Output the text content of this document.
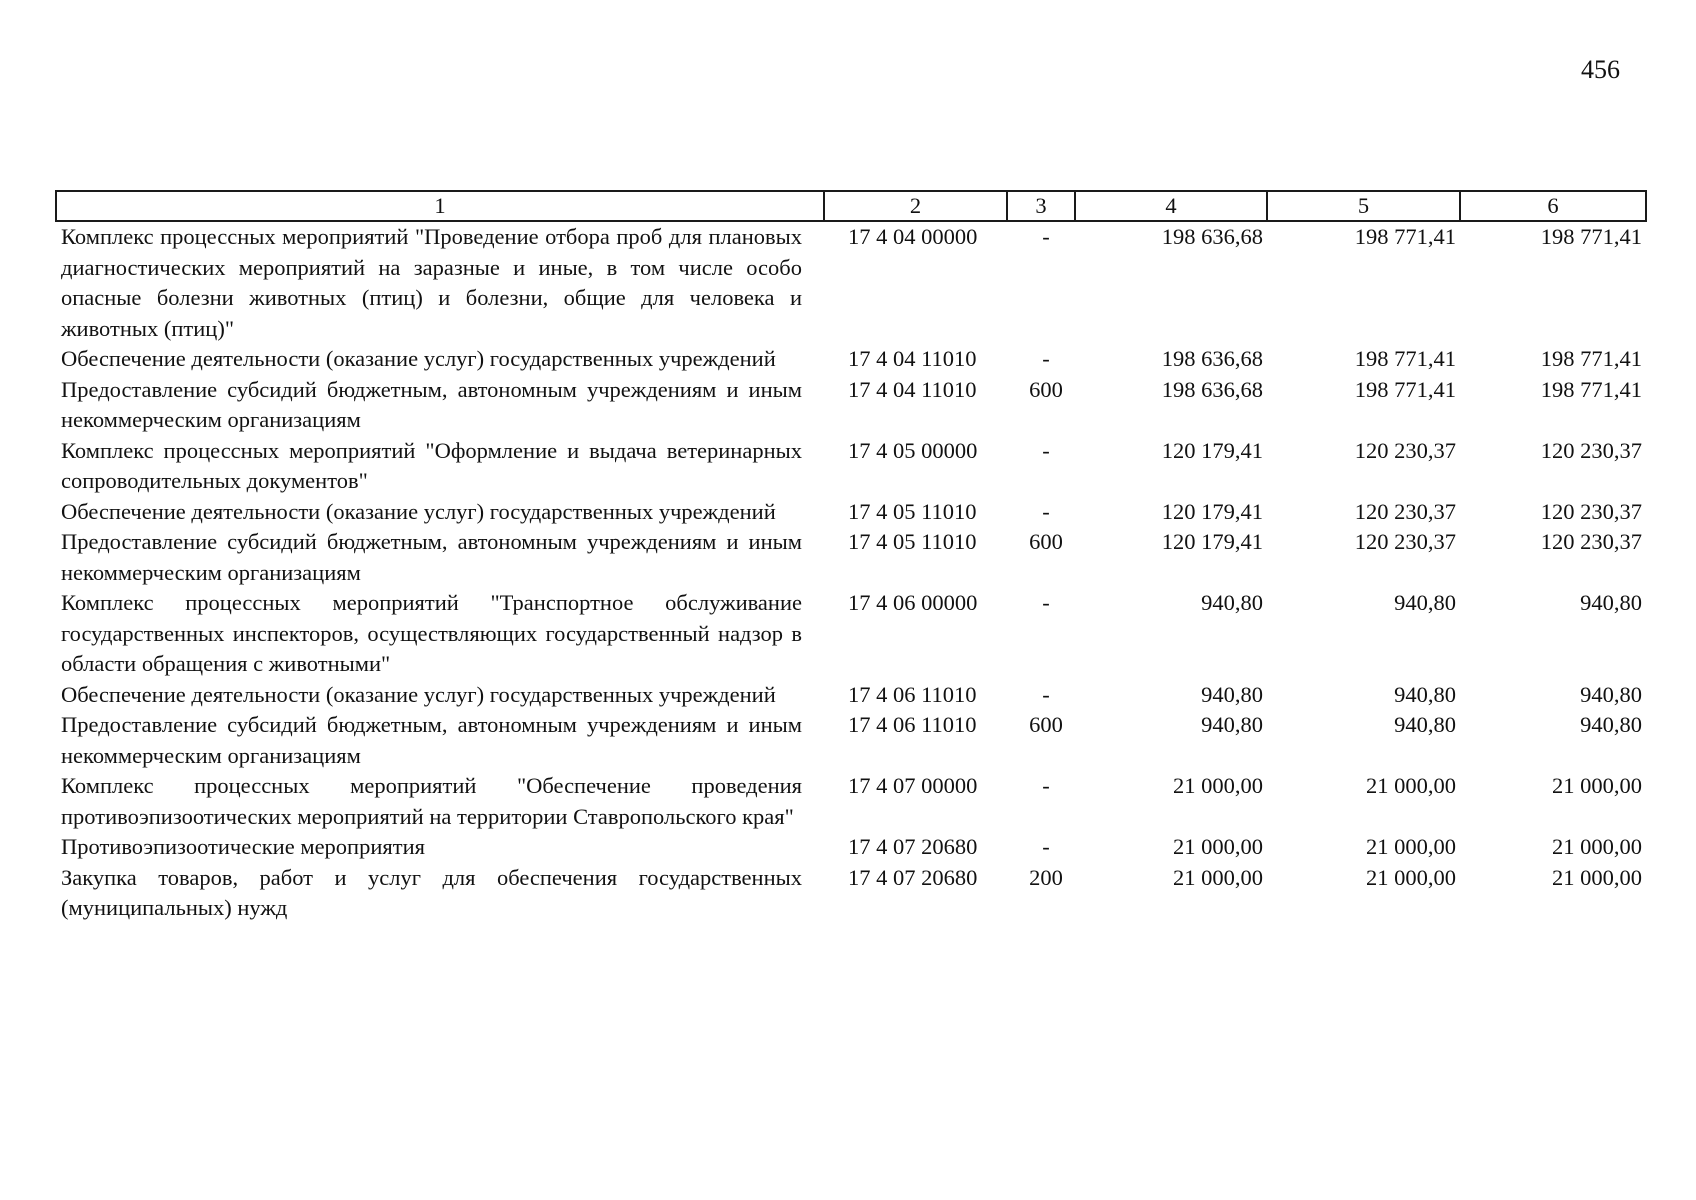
456
1	2	3	4	5	6
Комплекс процессных мероприятий "Проведение отбора проб для плановых диагностических мероприятий на заразные и иные, в том числе особо опасные болезни животных (птиц) и болезни, общие для человека и животных (птиц)"	17 4 04 00000	-	198 636,68	198 771,41	198 771,41
Обеспечение деятельности (оказание услуг) государственных учреждений	17 4 04 11010	-	198 636,68	198 771,41	198 771,41
Предоставление субсидий бюджетным, автономным учреждениям и иным некоммерческим организациям	17 4 04 11010	600	198 636,68	198 771,41	198 771,41
Комплекс процессных мероприятий "Оформление и выдача ветеринарных сопроводительных документов"	17 4 05 00000	-	120 179,41	120 230,37	120 230,37
Обеспечение деятельности (оказание услуг) государственных учреждений	17 4 05 11010	-	120 179,41	120 230,37	120 230,37
Предоставление субсидий бюджетным, автономным учреждениям и иным некоммерческим организациям	17 4 05 11010	600	120 179,41	120 230,37	120 230,37
Комплекс процессных мероприятий "Транспортное обслуживание государственных инспекторов, осуществляющих государственный надзор в области обращения с животными"	17 4 06 00000	-	940,80	940,80	940,80
Обеспечение деятельности (оказание услуг) государственных учреждений	17 4 06 11010	-	940,80	940,80	940,80
Предоставление субсидий бюджетным, автономным учреждениям и иным некоммерческим организациям	17 4 06 11010	600	940,80	940,80	940,80
Комплекс процессных мероприятий "Обеспечение проведения противоэпизоотических мероприятий на территории Ставропольского края"	17 4 07 00000	-	21 000,00	21 000,00	21 000,00
Противоэпизоотические мероприятия	17 4 07 20680	-	21 000,00	21 000,00	21 000,00
Закупка товаров, работ и услуг для обеспечения государственных (муниципальных) нужд	17 4 07 20680	200	21 000,00	21 000,00	21 000,00
